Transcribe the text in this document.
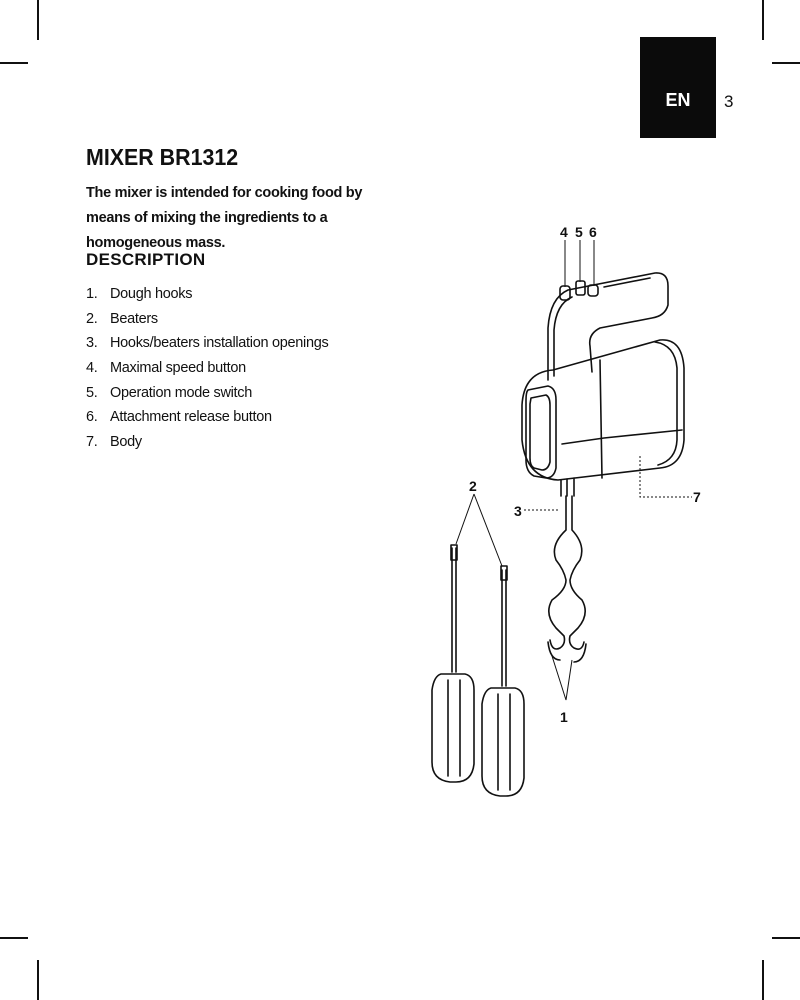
EN 3
MIXER BR1312

The mixer is intended for cooking food by means of mixing the ingredients to a homogeneous mass.

DESCRIPTION
1. Dough hooks
2. Beaters
3. Hooks/beaters installation openings
4. Maximal speed button
5. Operation mode switch
6. Attachment release button
7. Body
1
2
3
4 5 6
7
